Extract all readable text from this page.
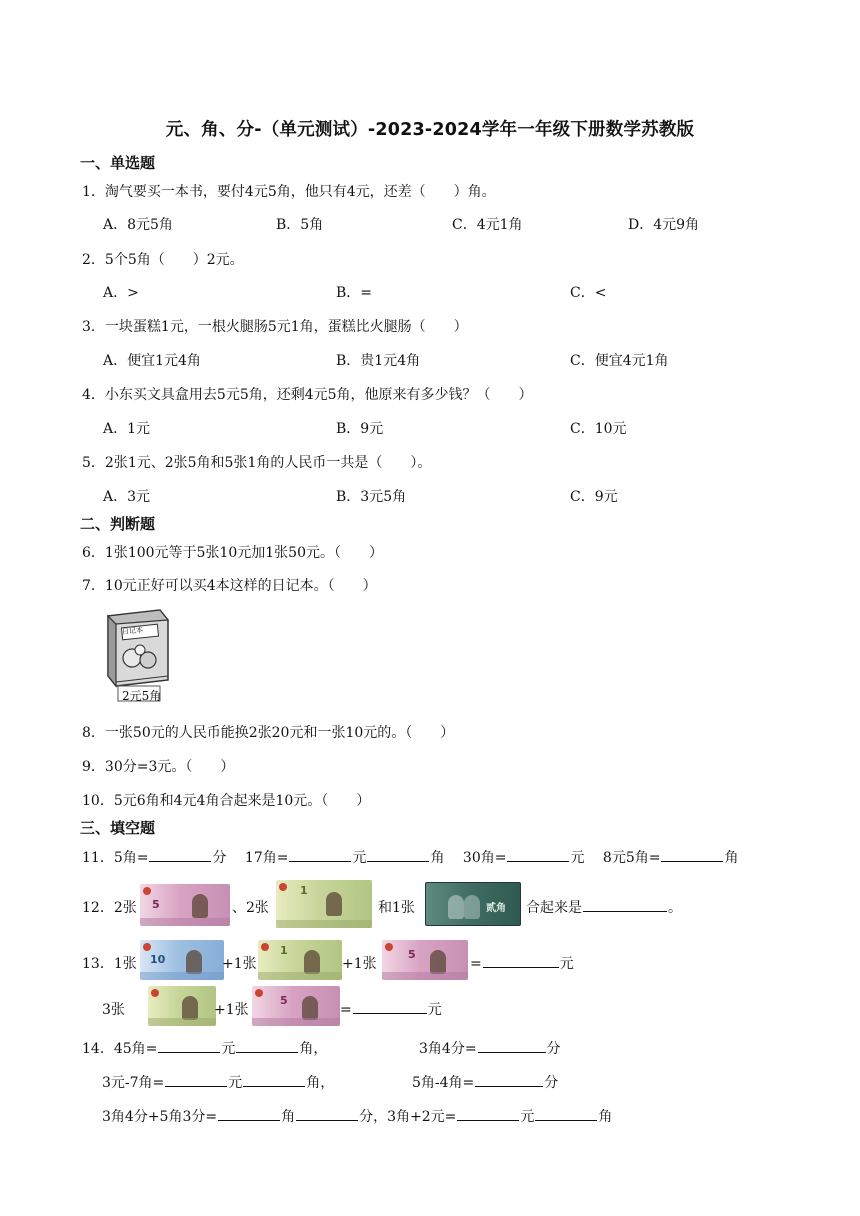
元、角、分-（单元测试）-2023-2024学年一年级下册数学苏教版
一、单选题
1．淘气要买一本书，要付4元5角，他只有4元，还差（　　）角。
A．8元5角	B．5角	C．4元1角	D．4元9角
2．5个5角（　　）2元。
A．>	B．=	C．<
3．一块蛋糕1元，一根火腿肠5元1角，蛋糕比火腿肠（　　）
A．便宜1元4角	B．贵1元4角	C．便宜4元1角
4．小东买文具盒用去5元5角，还剩4元5角，他原来有多少钱？（　　）
A．1元	B．9元	C．10元
5．2张1元、2张5角和5张1角的人民币一共是（　　）。
A．3元	B．3元5角	C．9元
二、判断题
6．1张100元等于5张10元加1张50元。（　　）
7．10元正好可以买4本这样的日记本。（　　）
日记本
2元5角
8．一张50元的人民币能换2张20元和一张10元的。（　　）
9．30分=3元。（　　）
10．5元6角和4元4角合起来是10元。（　　）
三、填空题
11．5角=	分  17角=	元	角  30角=	元  8元5角=	角
12．2张 5	、2张
1
和1张	贰角 合起来是	。
13．1张 10	+1张
1
+1张
5
=	元
3张	+1张
5
=	元
14．45角=	元	角，	3角4分=	分
3元-7角=	元	角，	5角-4角=	分
3角4分+5角3分=	角	分，3角+2元=	元	角
